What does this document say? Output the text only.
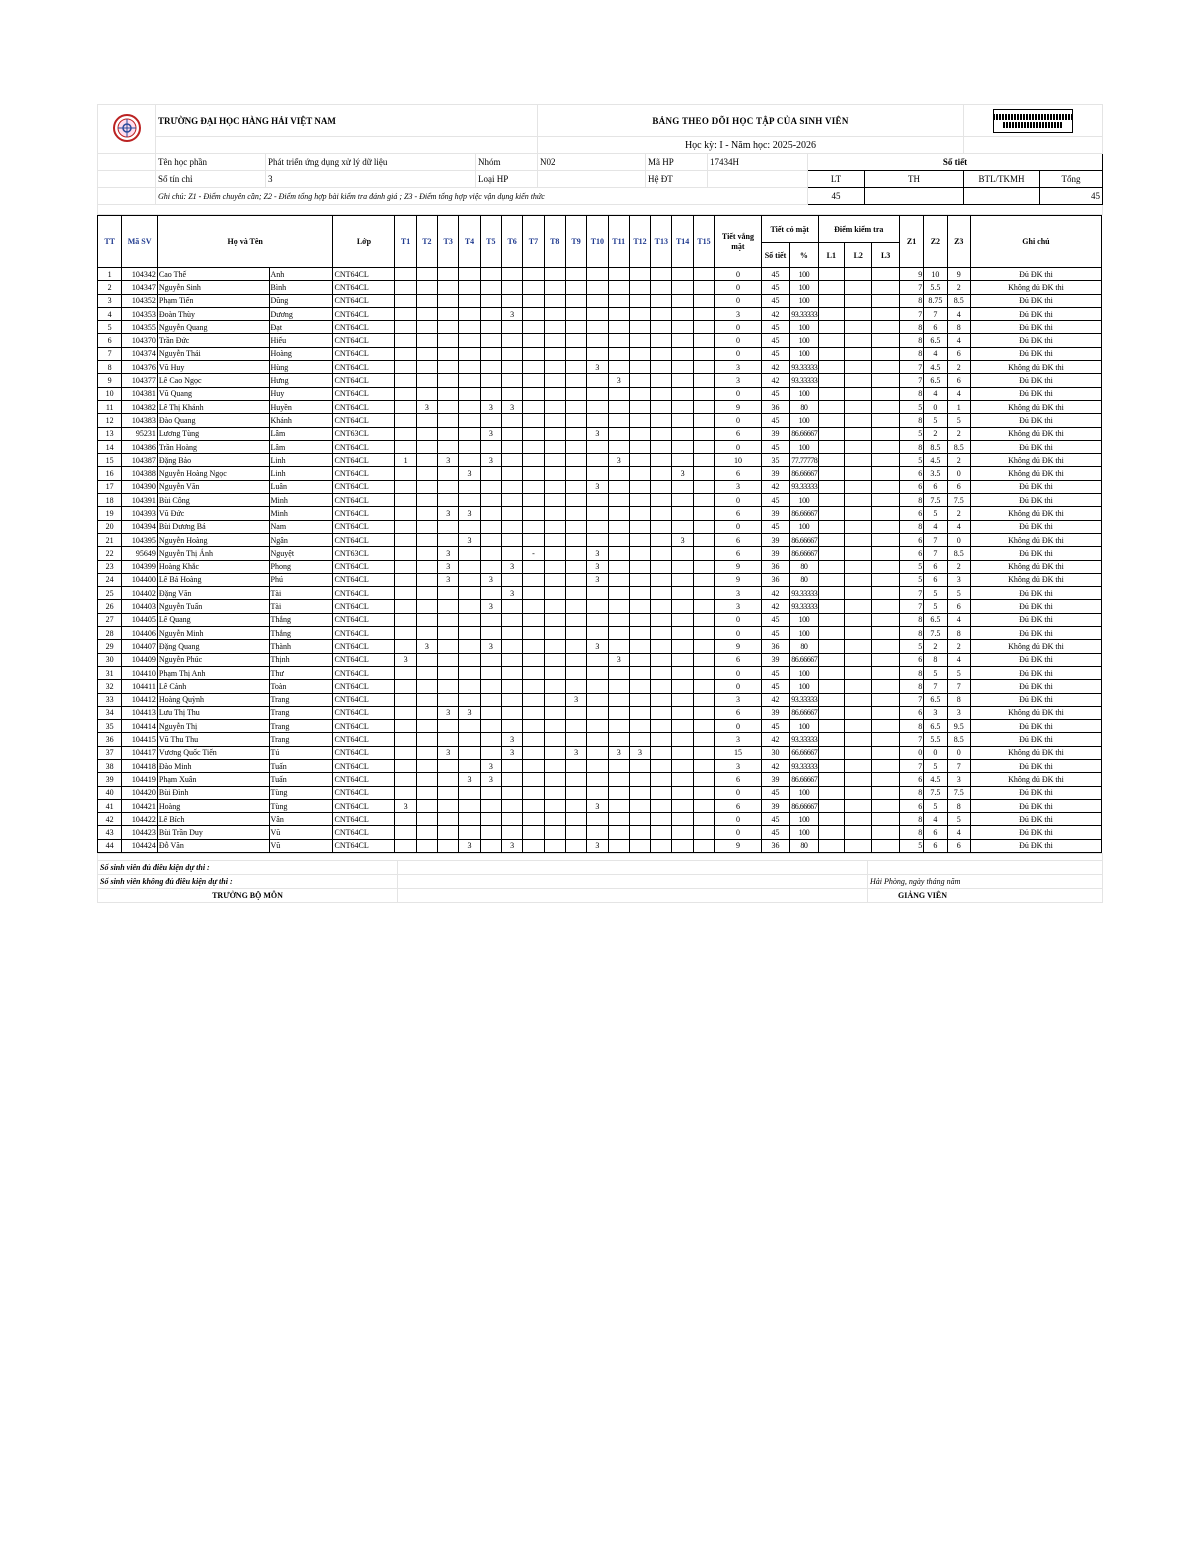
	TRƯỜNG ĐẠI HỌC HÀNG HẢI VIỆT NAM			BẢNG THEO DÕI HỌC TẬP CỦA SINH VIÊN						

				Học kỳ: I - Năm học: 2025-2026						
	Tên học phần	Phát triển ứng dụng xử lý dữ liệu	Nhóm	N02	Mã HP	17434H	Số tiết			
	Số tín chỉ	3	Loại HP		Hệ ĐT		LT	TH	BTL/TKMH	Tổng
	Ghi chú: Z1 - Điểm chuyên cần; Z2 - Điểm tổng hợp bài kiểm tra đánh giá ; Z3 - Điểm tổng hợp việc vận dụng kiến thức						45			45

TT	Mã SV	Họ và Tên		Lớp	T1	T2	T3	T4	T5	T6	T7	T8	T9	T10	T11	T12	T13	T14	T15	Tiết vắng mặt	Tiết có mặt		Điểm kiểm tra			Z1	Z2	Z3	Ghi chú
																					Số tiết	%	L1	L2	L3				
1	104342	Cao Thế	Anh	CNT64CL																0	45	100				9	10	9	Đủ ĐK thi
2	104347	Nguyễn Sinh	Bình	CNT64CL																0	45	100				7	5.5	2	Không đủ ĐK thi
3	104352	Phạm Tiến	Dũng	CNT64CL																0	45	100				8	8.75	8.5	Đủ ĐK thi
4	104353	Đoàn Thùy	Dương	CNT64CL						3										3	42	93.33333				7	7	4	Đủ ĐK thi
5	104355	Nguyễn Quang	Đạt	CNT64CL																0	45	100				8	6	8	Đủ ĐK thi
6	104370	Trần Đức	Hiếu	CNT64CL																0	45	100				8	6.5	4	Đủ ĐK thi
7	104374	Nguyễn Thái	Hoàng	CNT64CL																0	45	100				8	4	6	Đủ ĐK thi
8	104376	Vũ Huy	Hùng	CNT64CL										3						3	42	93.33333				7	4.5	2	Không đủ ĐK thi
9	104377	Lê Cao Ngọc	Hưng	CNT64CL											3					3	42	93.33333				7	6.5	6	Đủ ĐK thi
10	104381	Vũ Quang	Huy	CNT64CL																0	45	100				8	4	4	Đủ ĐK thi
11	104382	Lê Thị Khánh	Huyền	CNT64CL		3			3	3										9	36	80				5	0	1	Không đủ ĐK thi
12	104383	Đào Quang	Khánh	CNT64CL																0	45	100				8	5	5	Đủ ĐK thi
13	95231	Lương Tùng	Lâm	CNT63CL					3					3						6	39	86.66667				5	2	2	Không đủ ĐK thi
14	104386	Trần Hoàng	Lâm	CNT64CL																0	45	100				8	8.5	8.5	Đủ ĐK thi
15	104387	Đặng Bảo	Linh	CNT64CL	1		3		3						3					10	35	77.77778				5	4.5	2	Không đủ ĐK thi
16	104388	Nguyễn Hoàng Ngọc	Linh	CNT64CL				3										3		6	39	86.66667				6	3.5	0	Không đủ ĐK thi
17	104390	Nguyễn Văn	Luân	CNT64CL										3						3	42	93.33333				6	6	6	Đủ ĐK thi
18	104391	Bùi Công	Minh	CNT64CL																0	45	100				8	7.5	7.5	Đủ ĐK thi
19	104393	Vũ Đức	Minh	CNT64CL			3	3												6	39	86.66667				6	5	2	Không đủ ĐK thi
20	104394	Bùi Dương Bá	Nam	CNT64CL																0	45	100				8	4	4	Đủ ĐK thi
21	104395	Nguyễn Hoàng	Ngân	CNT64CL				3										3		6	39	86.66667				6	7	0	Không đủ ĐK thi
22	95649	Nguyễn Thị Ánh	Nguyệt	CNT63CL			3				-			3						6	39	86.66667				6	7	8.5	Đủ ĐK thi
23	104399	Hoàng Khắc	Phong	CNT64CL			3			3				3						9	36	80				5	6	2	Không đủ ĐK thi
24	104400	Lê Bá Hoàng	Phú	CNT64CL			3		3					3						9	36	80				5	6	3	Không đủ ĐK thi
25	104402	Đặng Văn	Tài	CNT64CL						3										3	42	93.33333				7	5	5	Đủ ĐK thi
26	104403	Nguyễn Tuấn	Tài	CNT64CL					3											3	42	93.33333				7	5	6	Đủ ĐK thi
27	104405	Lê Quang	Thắng	CNT64CL																0	45	100				8	6.5	4	Đủ ĐK thi
28	104406	Nguyễn Minh	Thắng	CNT64CL																0	45	100				8	7.5	8	Đủ ĐK thi
29	104407	Đặng Quang	Thành	CNT64CL		3			3					3						9	36	80				5	2	2	Không đủ ĐK thi
30	104409	Nguyễn Phúc	Thịnh	CNT64CL	3										3					6	39	86.66667				6	8	4	Đủ ĐK thi
31	104410	Phạm Thị Anh	Thư	CNT64CL																0	45	100				8	5	5	Đủ ĐK thi
32	104411	Lê Cảnh	Toàn	CNT64CL																0	45	100				8	7	7	Đủ ĐK thi
33	104412	Hoàng Quỳnh	Trang	CNT64CL									3							3	42	93.33333				7	6.5	8	Đủ ĐK thi
34	104413	Lưu Thị Thu	Trang	CNT64CL			3	3												6	39	86.66667				6	3	3	Không đủ ĐK thi
35	104414	Nguyễn Thị	Trang	CNT64CL																0	45	100				8	6.5	9.5	Đủ ĐK thi
36	104415	Vũ Thu Thu	Trang	CNT64CL						3										3	42	93.33333				7	5.5	8.5	Đủ ĐK thi
37	104417	Vương Quốc Tiến	Tú	CNT64CL			3			3			3		3	3				15	30	66.66667				0	0	0	Không đủ ĐK thi
38	104418	Đào Minh	Tuấn	CNT64CL					3											3	42	93.33333				7	5	7	Đủ ĐK thi
39	104419	Phạm Xuân	Tuấn	CNT64CL				3	3											6	39	86.66667				6	4.5	3	Không đủ ĐK thi
40	104420	Bùi Đình	Tùng	CNT64CL																0	45	100				8	7.5	7.5	Đủ ĐK thi
41	104421	Hoàng	Tùng	CNT64CL	3									3						6	39	86.66667				6	5	8	Đủ ĐK thi
42	104422	Lê Bích	Vân	CNT64CL																0	45	100				8	4	5	Đủ ĐK thi
43	104423	Bùi Trần Duy	Vũ	CNT64CL																0	45	100				8	6	4	Đủ ĐK thi
44	104424	Đỗ Văn	Vũ	CNT64CL				3		3				3						9	36	80				5	6	6	Đủ ĐK thi

Số sinh viên đủ điều kiện dự thi :		
Số sinh viên không đủ điều kiện dự thi :		Hải Phòng, ngày tháng năm
TRƯỞNG BỘ MÔN		GIẢNG VIÊN
